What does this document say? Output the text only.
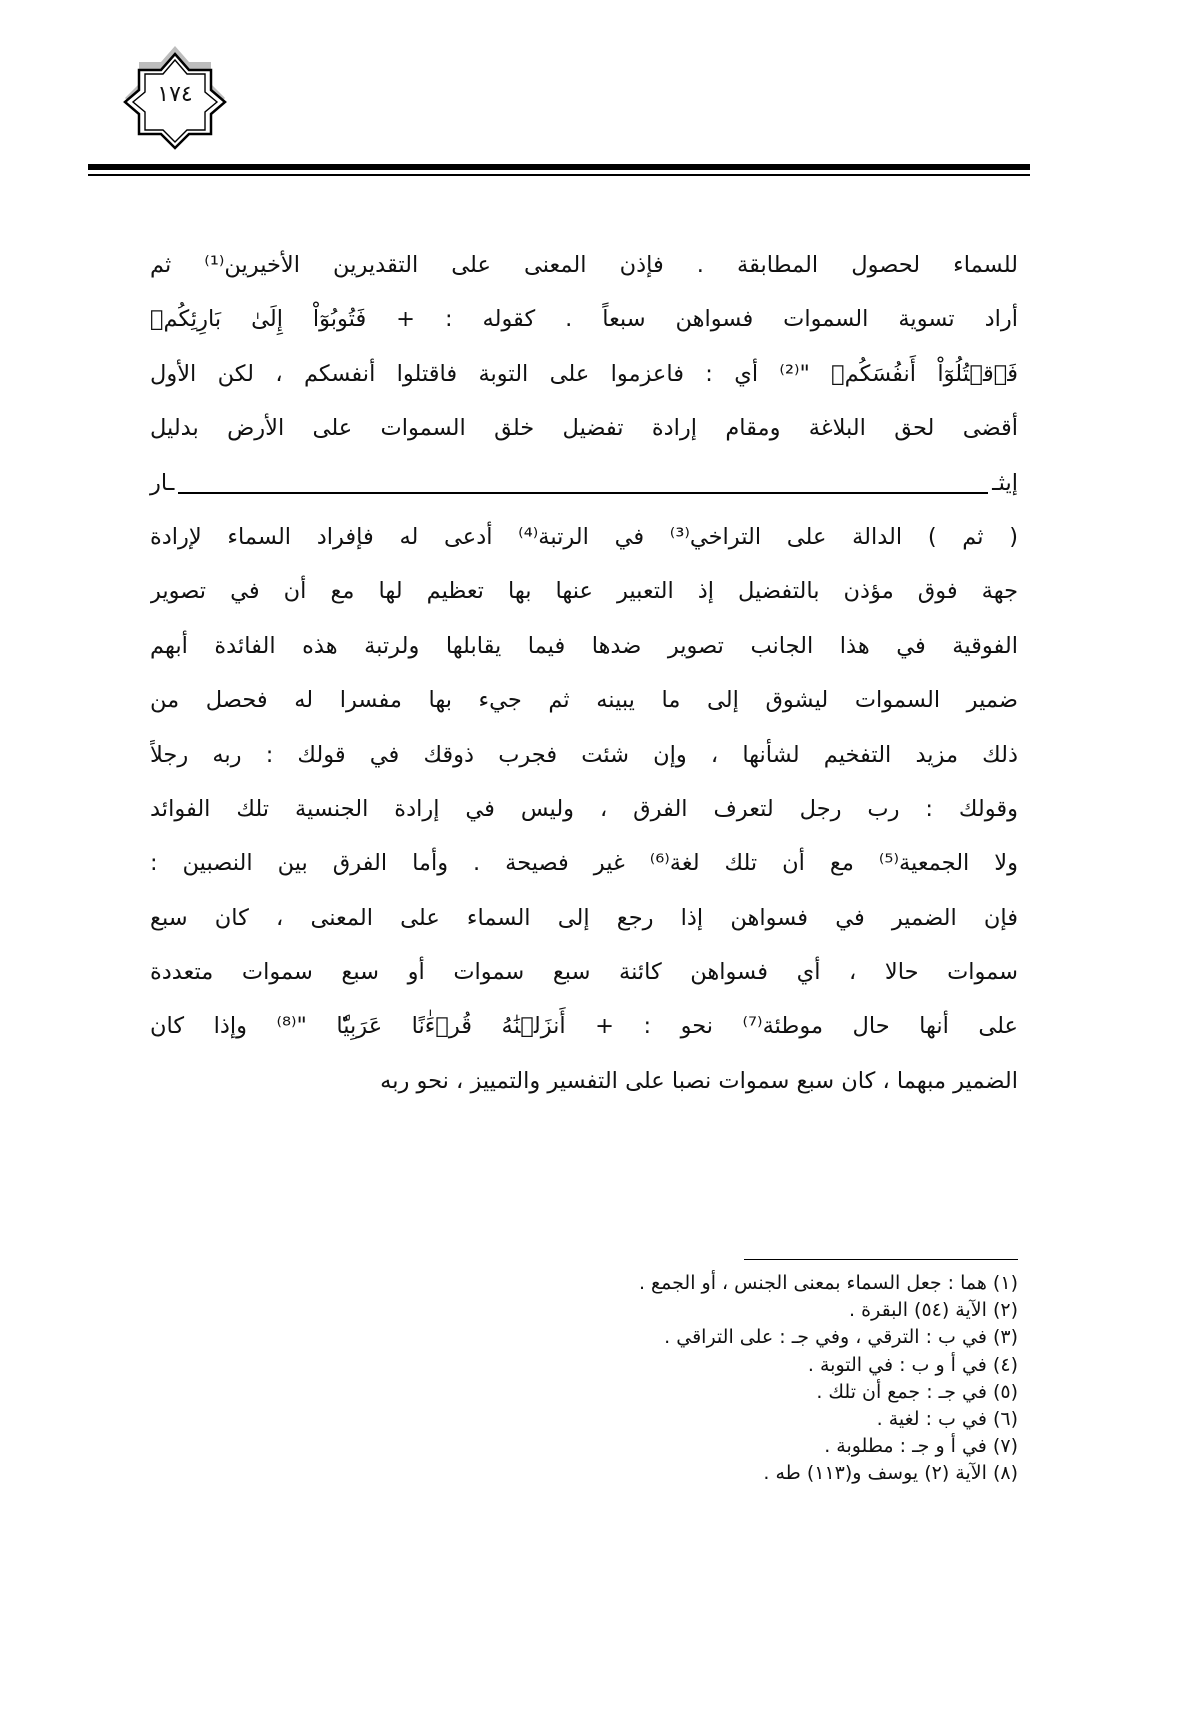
١٧٤
للسماء لحصول المطابقة . فإذن المعنى على التقديرين الأخيرين⁽¹⁾ ثم
أراد تسوية السموات فسواهن سبعاً . كقوله : + فَتُوبُوٓاْ إِلَىٰ بَارِئِكُمۡ
فَٱقۡتُلُوٓاْ أَنفُسَكُمۡ "⁽²⁾ أي : فاعزموا على التوبة فاقتلوا أنفسكم ، لكن الأول
أقضى لحق البلاغة ومقام إرادة تفضيل خلق السموات على الأرض بدليل
إيثـ
ـار
( ثم ) الدالة على التراخي⁽³⁾ في الرتبة⁽⁴⁾ أدعى له فإفراد السماء لإرادة
جهة فوق مؤذن بالتفضيل إذ التعبير عنها بها تعظيم لها مع أن في تصوير
الفوقية في هذا الجانب تصوير ضدها فيما يقابلها ولرتبة هذه الفائدة أبهم
ضمير السموات ليشوق إلى ما يبينه ثم جيء بها مفسرا له فحصل من
ذلك مزيد التفخيم لشأنها ، وإن شئت فجرب ذوقك في قولك : ربه رجلاً
وقولك : رب رجل لتعرف الفرق ، وليس في إرادة الجنسية تلك الفوائد
ولا الجمعية⁽⁵⁾ مع أن تلك لغة⁽⁶⁾ غير فصيحة . وأما الفرق بين النصبين :
فإن الضمير في فسواهن إذا رجع إلى السماء على المعنى ، كان سبع
سموات حالا ، أي فسواهن كائنة سبع سموات أو سبع سموات متعددة
على أنها حال موطئة⁽⁷⁾ نحو : + أَنزَلۡنَٰهُ قُرۡءَٰنًا عَرَبِيّٗا "⁽⁸⁾ وإذا كان
الضمير مبهما ، كان سبع سموات نصبا على التفسير والتمييز ، نحو ربه
(١) هما : جعل السماء بمعنى الجنس ، أو الجمع .
(٢) الآية (٥٤) البقرة .
(٣) في ب : الترقي ، وفي جـ : على التراقي .
(٤) في أ و ب : في التوبة .
(٥) في جـ : جمع أن تلك .
(٦) في ب : لغية .
(٧) في أ و جـ : مطلوبة .
(٨) الآية (٢) يوسف و(١١٣) طه .
